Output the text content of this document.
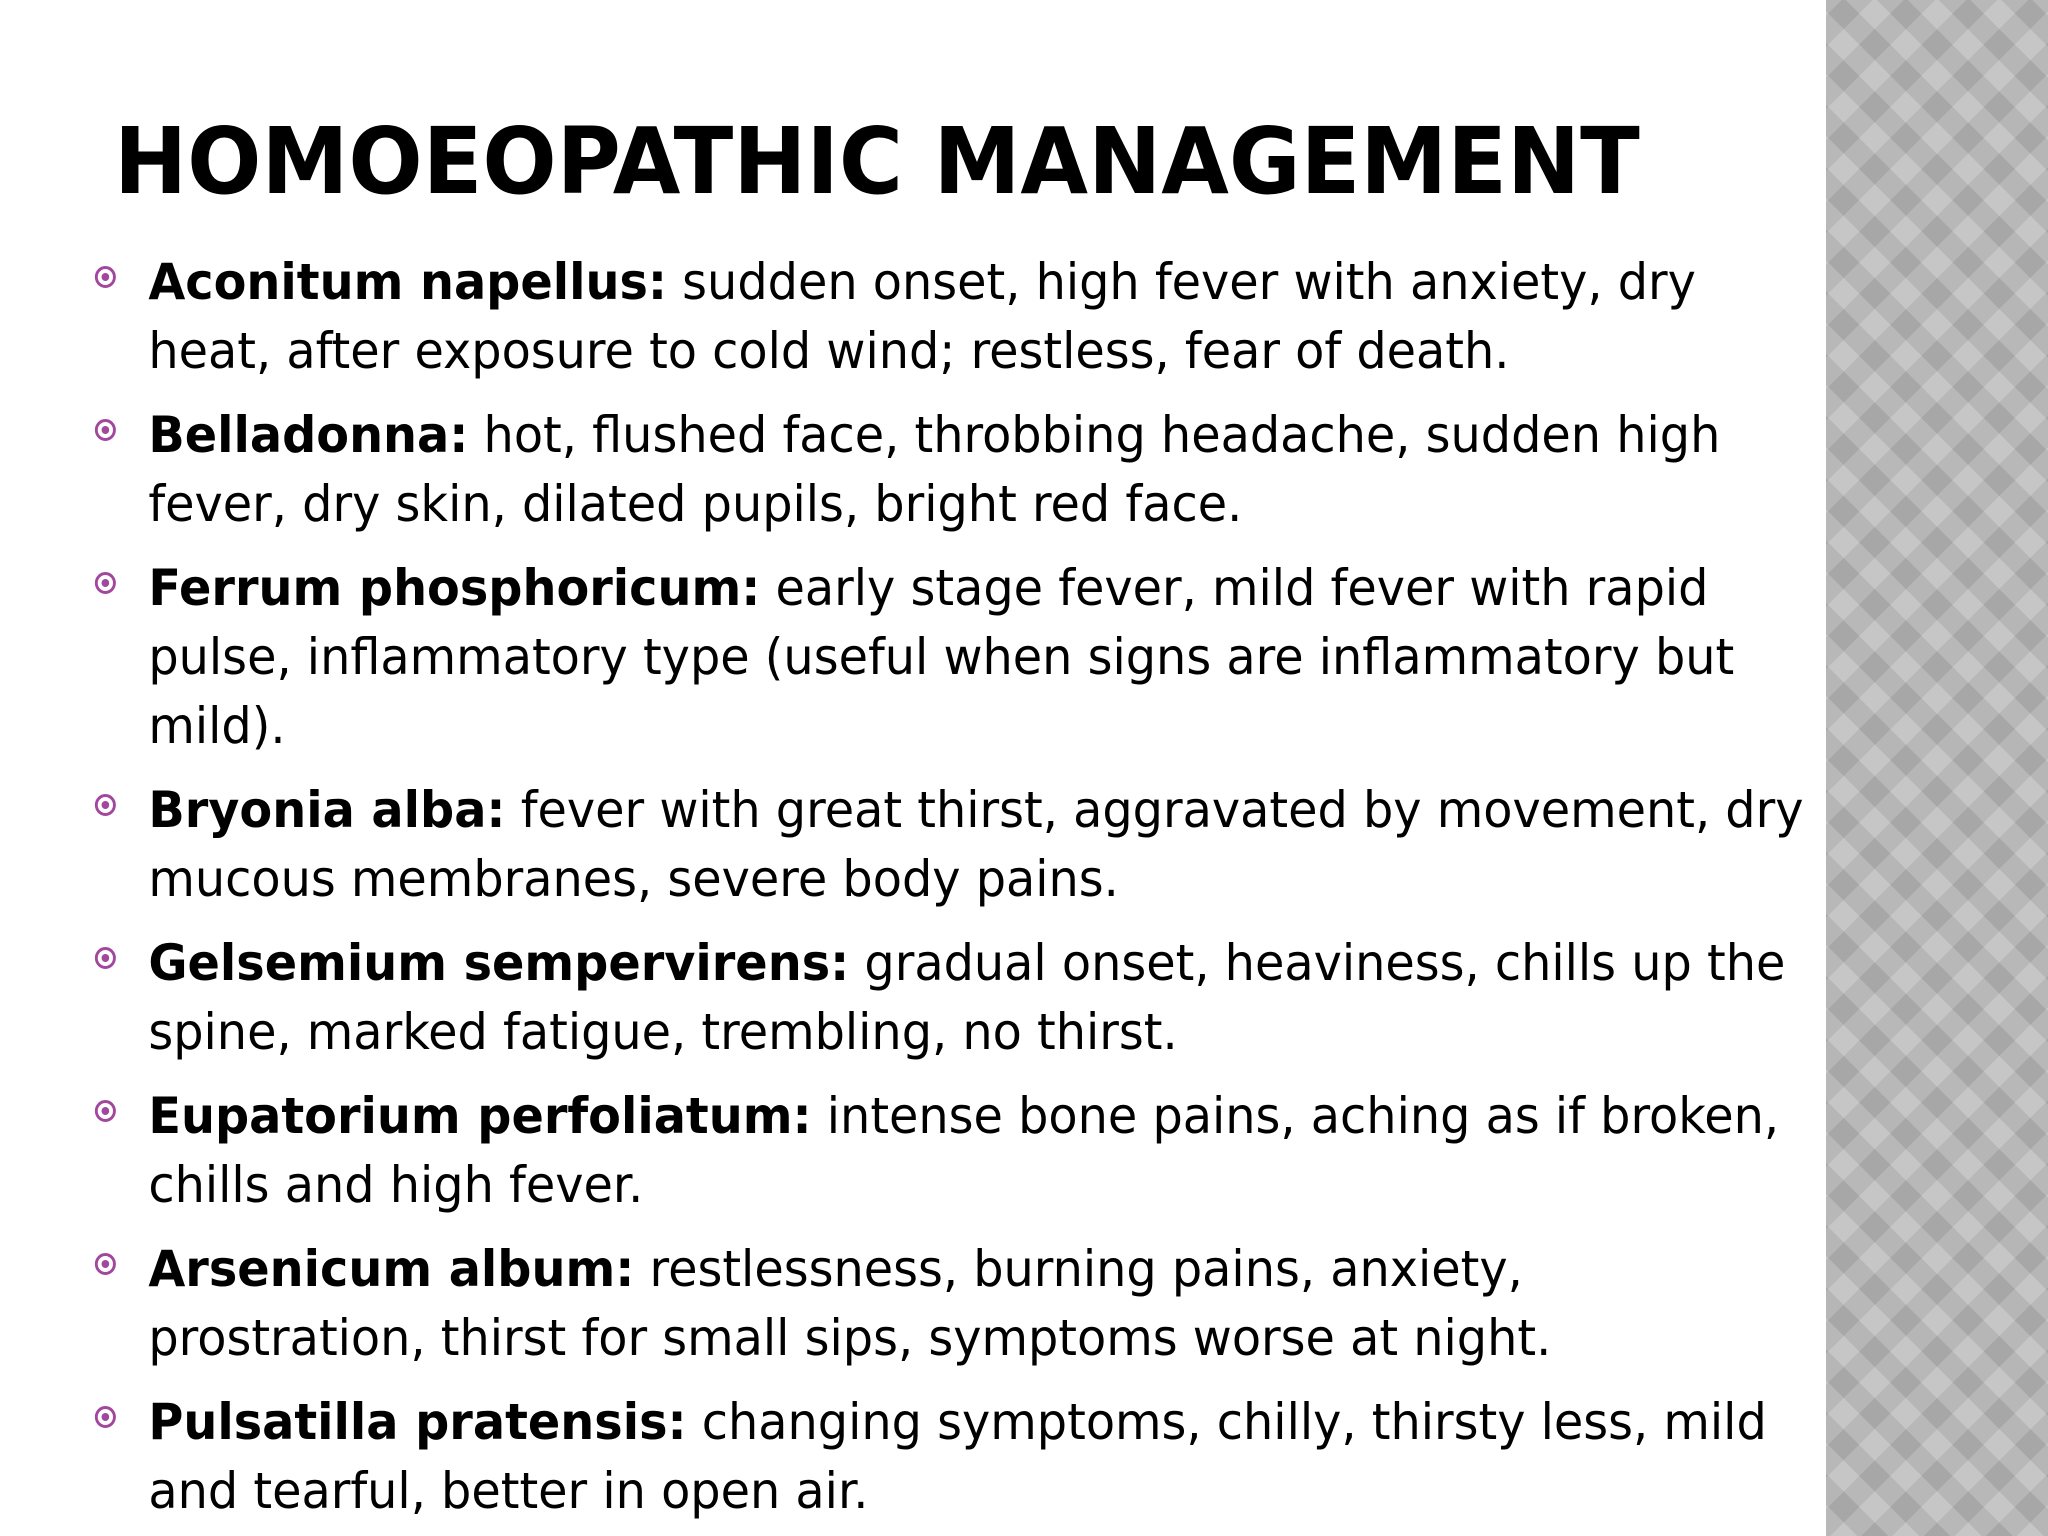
HOMOEOPATHIC MANAGEMENT
Aconitum napellus: sudden onset, high fever with anxiety, dry heat, after exposure to cold wind; restless, fear of death.
Belladonna: hot, flushed face, throbbing headache, sudden high fever, dry skin, dilated pupils, bright red face.
Ferrum phosphoricum: early stage fever, mild fever with rapid pulse, inflammatory type (useful when signs are inflammatory but mild).
Bryonia alba: fever with great thirst, aggravated by movement, dry mucous membranes, severe body pains.
Gelsemium sempervirens: gradual onset, heaviness, chills up the spine, marked fatigue, trembling, no thirst.
Eupatorium perfoliatum: intense bone pains, aching as if broken, chills and high fever.
Arsenicum album: restlessness, burning pains, anxiety, prostration, thirst for small sips, symptoms worse at night.
Pulsatilla pratensis: changing symptoms, chilly, thirsty less, mild and tearful, better in open air.
